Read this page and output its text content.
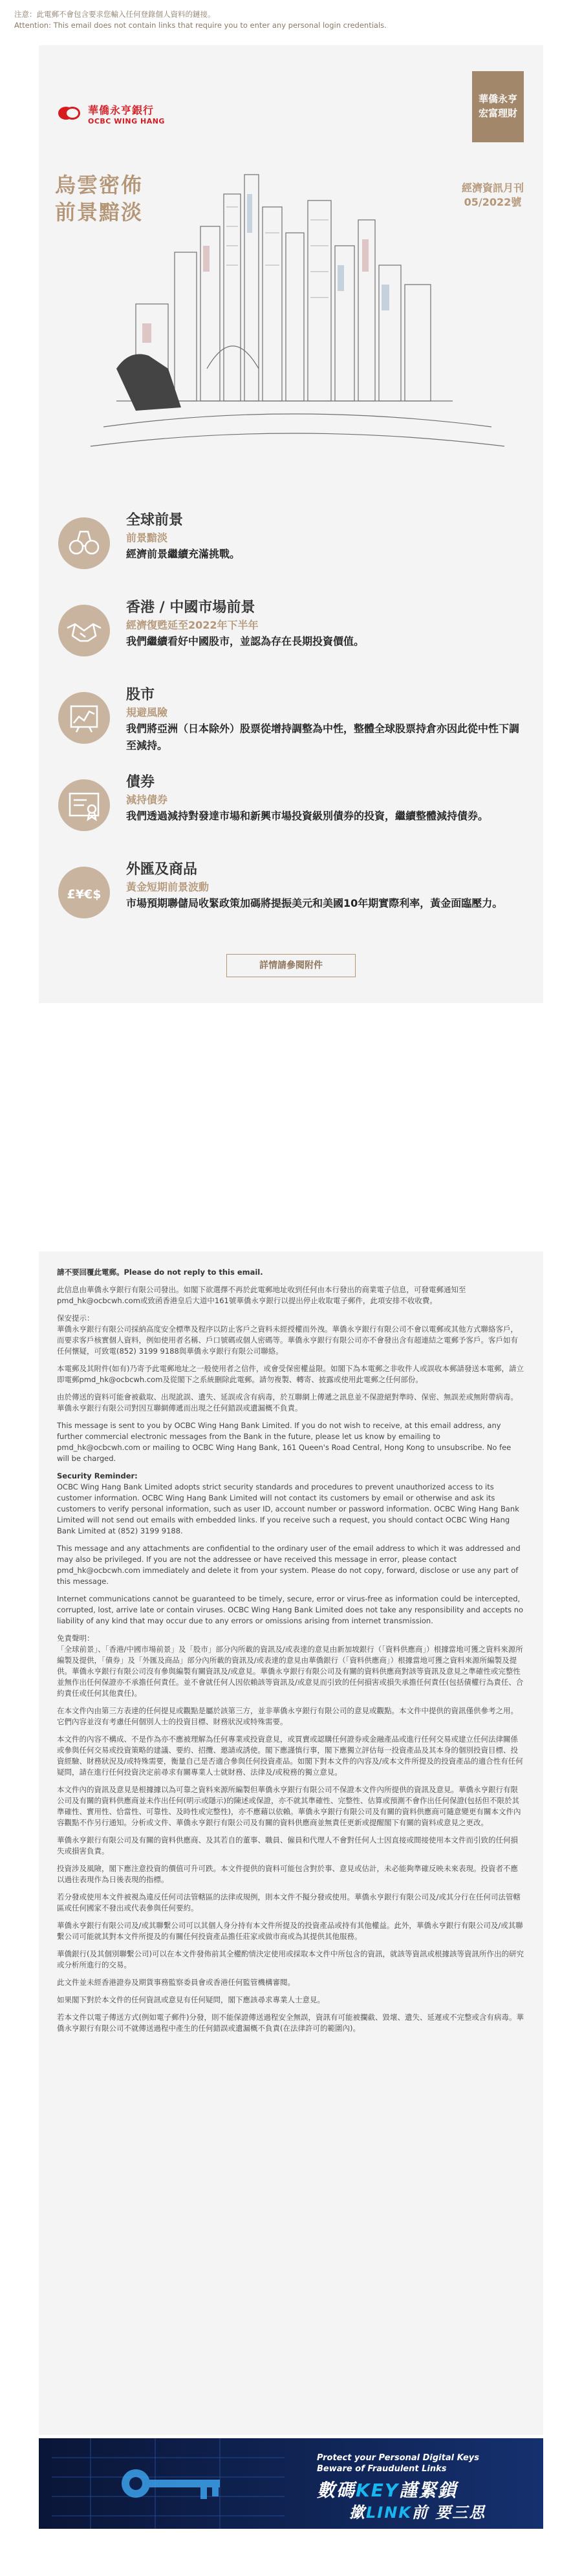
注意：此電郵不會包含要求您輸入任何登錄個人資料的鏈接。
Attention: This email does not contain links that require you to enter any personal login credentials.
華僑永亨銀行
OCBC WING HANG
華僑永亨
宏富理財
烏雲密佈
前景黯淡
經濟資訊月刊
05/2022號
全球前景
前景黯淡
經濟前景繼續充滿挑戰。
香港 / 中國市場前景
經濟復甦延至2022年下半年
我們繼續看好中國股市，並認為存在長期投資價值。
股市
規避風險
我們將亞洲（日本除外）股票從增持調整為中性，整體全球股票持倉亦因此從中性下調至減持。
債券
減持債券
我們透過減持對發達市場和新興市場投資級別債券的投資，繼續整體減持債券。
£¥€$
外匯及商品
黃金短期前景波動
市場預期聯儲局收緊政策加碼將提振美元和美國10年期實際利率，黃金面臨壓力。
詳情請參閱附件

請不要回覆此電郵。Please do not reply to this email.

此信息由華僑永亨銀行有限公司發出。如閣下欲選擇不再於此電郵地址收到任何由本行發出的商業電子信息，可發電郵通知至pmd_hk@ocbcwh.com或致函香港皇后大道中161號華僑永亨銀行以提出停止收取電子郵件，此項安排不收收費。

保安提示：

華僑永亨銀行有限公司採納高度安全標準及程序以防止客戶之資料未經授權而外洩。華僑永亨銀行有限公司不會以電郵或其他方式聯絡客戶，而要求客戶核實個人資料，例如使用者名稱、戶口號碼或個人密碼等。華僑永亨銀行有限公司亦不會發出含有超連結之電郵予客戶。客戶如有任何懷疑，可致電(852) 3199 9188與華僑永亨銀行有限公司聯絡。

本電郵及其附件(如有)乃寄予此電郵地址之一般使用者之信件，或會受保密權益限。如閣下為本電郵之非收件人或誤收本郵請發送本電郵，請立即電郵pmd_hk@ocbcwh.com及從閣下之系統刪除此電郵。請勿複製、轉寄、披露或使用此電郵之任何部份。

由於傳送的資料可能會被截取、出現訛誤、遺失、延誤或含有病毒，於互聯網上傳遞之訊息並不保證絕對準時、保密、無誤差或無附帶病毒。華僑永亨銀行有限公司對因互聯網傳遞而出現之任何錯誤或遺漏概不負責。

This message is sent to you by OCBC Wing Hang Bank Limited. If you do not wish to receive, at this email address, any further commercial electronic messages from the Bank in the future, please let us know by emailing to pmd_hk@ocbcwh.com or mailing to OCBC Wing Hang Bank, 161 Queen's Road Central, Hong Kong to unsubscribe. No fee will be charged.

Security Reminder:

OCBC Wing Hang Bank Limited adopts strict security standards and procedures to prevent unauthorized access to its customer information. OCBC Wing Hang Bank Limited will not contact its customers by email or otherwise and ask its customers to verify personal information, such as user ID, account number or password information. OCBC Wing Hang Bank Limited will not send out emails with embedded links. If you receive such a request, you should contact OCBC Wing Hang Bank Limited at (852) 3199 9188.

This message and any attachments are confidential to the ordinary user of the email address to which it was addressed and may also be privileged. If you are not the addressee or have received this message in error, please contact pmd_hk@ocbcwh.com immediately and delete it from your system. Please do not copy, forward, disclose or use any part of this message.

Internet communications cannot be guaranteed to be timely, secure, error or virus-free as information could be intercepted, corrupted, lost, arrive late or contain viruses. OCBC Wing Hang Bank Limited does not take any responsibility and accepts no liability of any kind that may occur due to any errors or omissions arising from internet transmission.

免責聲明：

「全球前景」、「香港/中國市場前景」及「股市」部分內所載的資訊及/或表達的意見由新加坡銀行（「資料供應商」）根據當地可獲之資料來源所編製及提供，「債券」及「外匯及商品」部分內所載的資訊及/或表達的意見由華僑銀行（「資料供應商」）根據當地可獲之資料來源所編製及提供。華僑永亨銀行有限公司沒有參與編製有關資訊及/或意見。華僑永亨銀行有限公司及有關的資料供應商對該等資訊及意見之準確性或完整性並無作出任何保證亦不承擔任何責任。並不會就任何人因依賴該等資訊及/或意見而引致的任何損害或損失承擔任何責任(包括債權行為責任、合約責任或任何其他責任)。

在本文件內由第三方表達的任何提見或觀點是屬於該第三方，並非華僑永亨銀行有限公司的意見或觀點。本文件中提供的資訊僅供參考之用。它們內容並沒有考慮任何個別人士的投資目標、財務狀況或特殊需要。

本文件的內容不構成、不是作為亦不應被理解為任何專業或投資意見，或買賣或認購任何證券或金融產品或進行任何交易或建立任何法律關係或參與任何交易或投資策略的建議、要約、招攬、邀請或誘使。閣下應謹慎行事，閣下應獨立評估每一投資產品及其本身的個別投資目標、投資經驗、財務狀況及/或特殊需要，衡量自己是否適合參與任何投資產品。如閣下對本文件的內容及/或本文件所提及的投資產品的適合性有任何疑問，請在進行任何投資決定前尋求有關專業人士就財務、法律及/或稅務的獨立意見。

本文件內的資訊及意見是根據據以為可靠之資料來源所編製但華僑永亨銀行有限公司不保證本文件內所提供的資訊及意見。華僑永亨銀行有限公司及有關的資料供應商並未作出任何(明示或隱示)的陳述或保證，亦不就其準確性、完整性、估算或預測不會作出任何保證(包括但不限於其準確性、實用性、恰當性、可靠性、及時性或完整性)，亦不應藉以依賴。華僑永亨銀行有限公司及有關的資料供應商可隨意變更有關本文件內容觀點不作另行通知。分析或文件、華僑永亨銀行有限公司及有關的資料供應商並無責任更新或提醒閣下有關的資料或意見之更改。

華僑永亨銀行有限公司及有關的資料供應商、及其若自的董事、職員、僱員和代理人不會對任何人士因直接或間接使用本文件而引致的任何損失或損害負責。

投資涉及風險，閣下應注意投資的價值可升可跌。本文件提供的資料可能包含對於事、意見或估計，未必能夠準確反映未來表現。投資者不應以過往表現作為日後表現的指標。

若分發或使用本文件被視為違反任何司法管轄區的法律或規例，則本文件不擬分發或使用。華僑永亨銀行有限公司及/或其分行在任何司法管轄區或任何國家不發出或代表參與任何要約。

華僑永亨銀行有限公司及/或其聯繫公司可以其個人身分持有本文件所提及的投資產品或持有其他權益。此外，華僑永亨銀行有限公司及/或其聯繫公司可能就其對本文件所提及的有關任何投資產品擔任莊家或做市商或為其提供其他服務。

華僑銀行(及其個別聯繫公司)可以在本文件發佈前其全權酌情決定使用或採取本文件中所包含的資訊，就該等資訊或根據該等資訊所作出的研究或分析所進行的交易。

此文件並未經香港證券及期貨事務監察委員會或香港任何監管機構審閱。

如果閣下對於本文件的任何資訊或意見有任何疑問，閣下應該尋求專業人士意見。

若本文件以電子傳送方式(例如電子郵件)分發，則不能保證傳送過程安全無誤，資訊有可能被攔截、毀壞、遺失、延遲或不完整或含有病毒。華僑永亨銀行有限公司不就傳送過程中產生的任何錯誤或遺漏概不負責(在法律許可的範圍內)。

Protect your Personal Digital Keys
Beware of Fraudulent Links
數碼KEY謹緊鎖
撳LINK前 要三思
